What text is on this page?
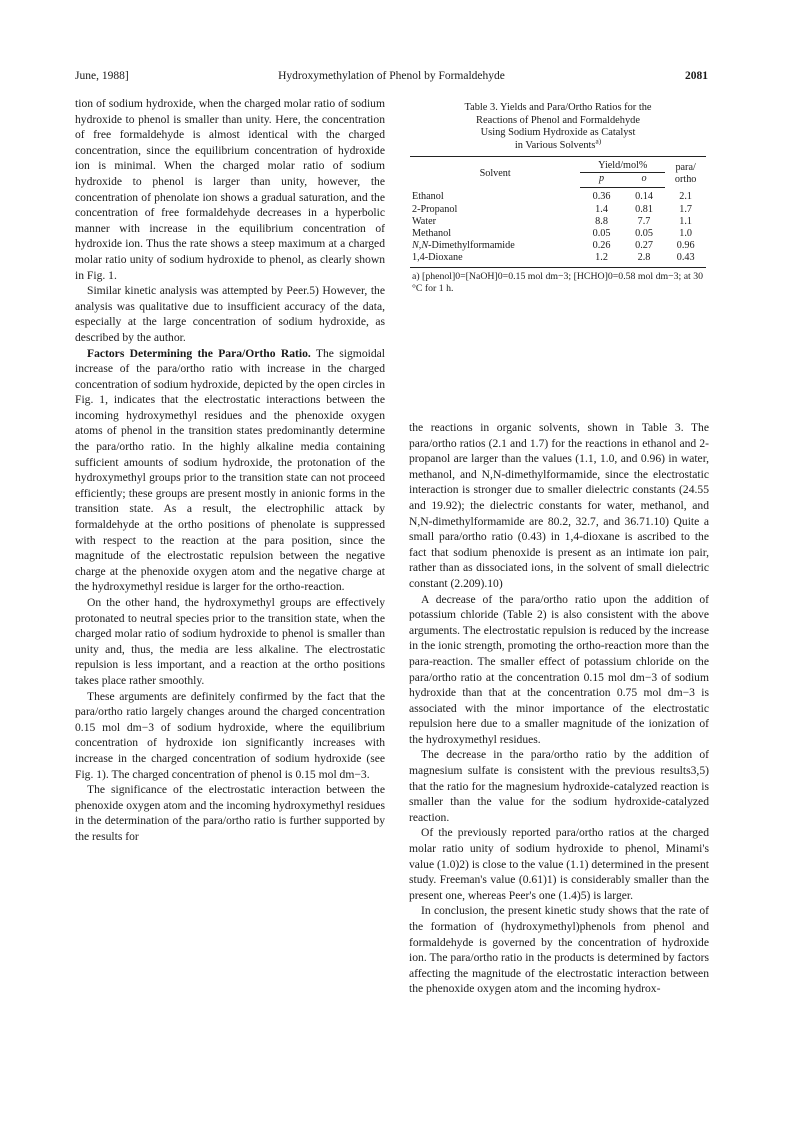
June, 1988]	Hydroxymethylation of Phenol by Formaldehyde	2081

tion of sodium hydroxide, when the charged molar ratio of sodium hydroxide to phenol is smaller than unity. Here, the concentration of free formaldehyde is almost identical with the charged concentration, since the equilibrium concentration of hydroxide ion is minimal. When the charged molar ratio of sodium hydroxide to phenol is larger than unity, however, the concentration of phenolate ion shows a gradual saturation, and the concentration of free formaldehyde decreases in a hyperbolic manner with increase in the equilibrium concentration of hydroxide ion. Thus the rate shows a steep maximum at a charged molar ratio unity of sodium hydroxide to phenol, as clearly shown in Fig. 1.

Similar kinetic analysis was attempted by Peer.5) However, the analysis was qualitative due to insufficient accuracy of the data, especially at the large concentration of sodium hydroxide, as described by the author.

Factors Determining the Para/Ortho Ratio. The sigmoidal increase of the para/ortho ratio with increase in the charged concentration of sodium hydroxide, depicted by the open circles in Fig. 1, indicates that the electrostatic interactions between the incoming hydroxymethyl residues and the phenoxide oxygen atoms of phenol in the transition states predominantly determine the para/ortho ratio. In the highly alkaline media containing sufficient amounts of sodium hydroxide, the protonation of the hydroxymethyl groups prior to the transition state can not proceed efficiently; these groups are present mostly in anionic forms in the transition state. As a result, the electrophilic attack by formaldehyde at the ortho positions of phenolate is suppressed with respect to the reaction at the para position, since the magnitude of the electrostatic repulsion between the negative charge at the phenoxide oxygen atom and the negative charge at the hydroxymethyl residue is larger for the ortho-reaction.

On the other hand, the hydroxymethyl groups are effectively protonated to neutral species prior to the transition state, when the charged molar ratio of sodium hydroxide to phenol is smaller than unity and, thus, the media are less alkaline. The electrostatic repulsion is less important, and a reaction at the ortho positions takes place rather smoothly.

These arguments are definitely confirmed by the fact that the para/ortho ratio largely changes around the charged concentration 0.15 mol dm−3 of sodium hydroxide, where the equilibrium concentration of hydroxide ion significantly increases with increase in the charged concentration of sodium hydroxide (see Fig. 1). The charged concentration of phenol is 0.15 mol dm−3.

The significance of the electrostatic interaction between the phenoxide oxygen atom and the incoming hydroxymethyl residues in the determination of the para/ortho ratio is further supported by the results for

Table 3. Yields and Para/Ortho Ratios for the
Reactions of Phenol and Formaldehyde
Using Sodium Hydroxide as Catalyst
in Various Solvents$^{a)}$
Solvent	Yield/mol%		para/
ortho

	p	o	
Ethanol	0.36	0.14	2.1
2-Propanol	1.4	0.81	1.7
Water	8.8	7.7	1.1
Methanol	0.05	0.05	1.0
N,N-Dimethylformamide	0.26	0.27	0.96
1,4-Dioxane	1.2	2.8	0.43
a) [phenol]0=[NaOH]0=0.15 mol dm−3; [HCHO]0=0.58 mol dm−3; at 30 °C for 1 h.

the reactions in organic solvents, shown in Table 3. The para/ortho ratios (2.1 and 1.7) for the reactions in ethanol and 2-propanol are larger than the values (1.1, 1.0, and 0.96) in water, methanol, and N,N-dimethylformamide, since the electrostatic interaction is stronger due to smaller dielectric constants (24.55 and 19.92); the dielectric constants for water, methanol, and N,N-dimethylformamide are 80.2, 32.7, and 36.71.10) Quite a small para/ortho ratio (0.43) in 1,4-dioxane is ascribed to the fact that sodium phenoxide is present as an intimate ion pair, rather than as dissociated ions, in the solvent of small dielectric constant (2.209).10)

A decrease of the para/ortho ratio upon the addition of potassium chloride (Table 2) is also consistent with the above arguments. The electrostatic repulsion is reduced by the increase in the ionic strength, promoting the ortho-reaction more than the para-reaction. The smaller effect of potassium chloride on the para/ortho ratio at the concentration 0.15 mol dm−3 of sodium hydroxide than that at the concentration 0.75 mol dm−3 is associated with the minor importance of the electrostatic repulsion here due to a smaller magnitude of the ionization of the hydroxymethyl residues.

The decrease in the para/ortho ratio by the addition of magnesium sulfate is consistent with the previous results3,5) that the ratio for the magnesium hydroxide-catalyzed reaction is smaller than the value for the sodium hydroxide-catalyzed reaction.

Of the previously reported para/ortho ratios at the charged molar ratio unity of sodium hydroxide to phenol, Minami's value (1.0)2) is close to the value (1.1) determined in the present study. Freeman's value (0.61)1) is considerably smaller than the present one, whereas Peer's one (1.4)5) is larger.

In conclusion, the present kinetic study shows that the rate of the formation of (hydroxymethyl)phenols from phenol and formaldehyde is governed by the concentration of hydroxide ion. The para/ortho ratio in the products is determined by factors affecting the magnitude of the electrostatic interaction between the phenoxide oxygen atom and the incoming hydrox-
